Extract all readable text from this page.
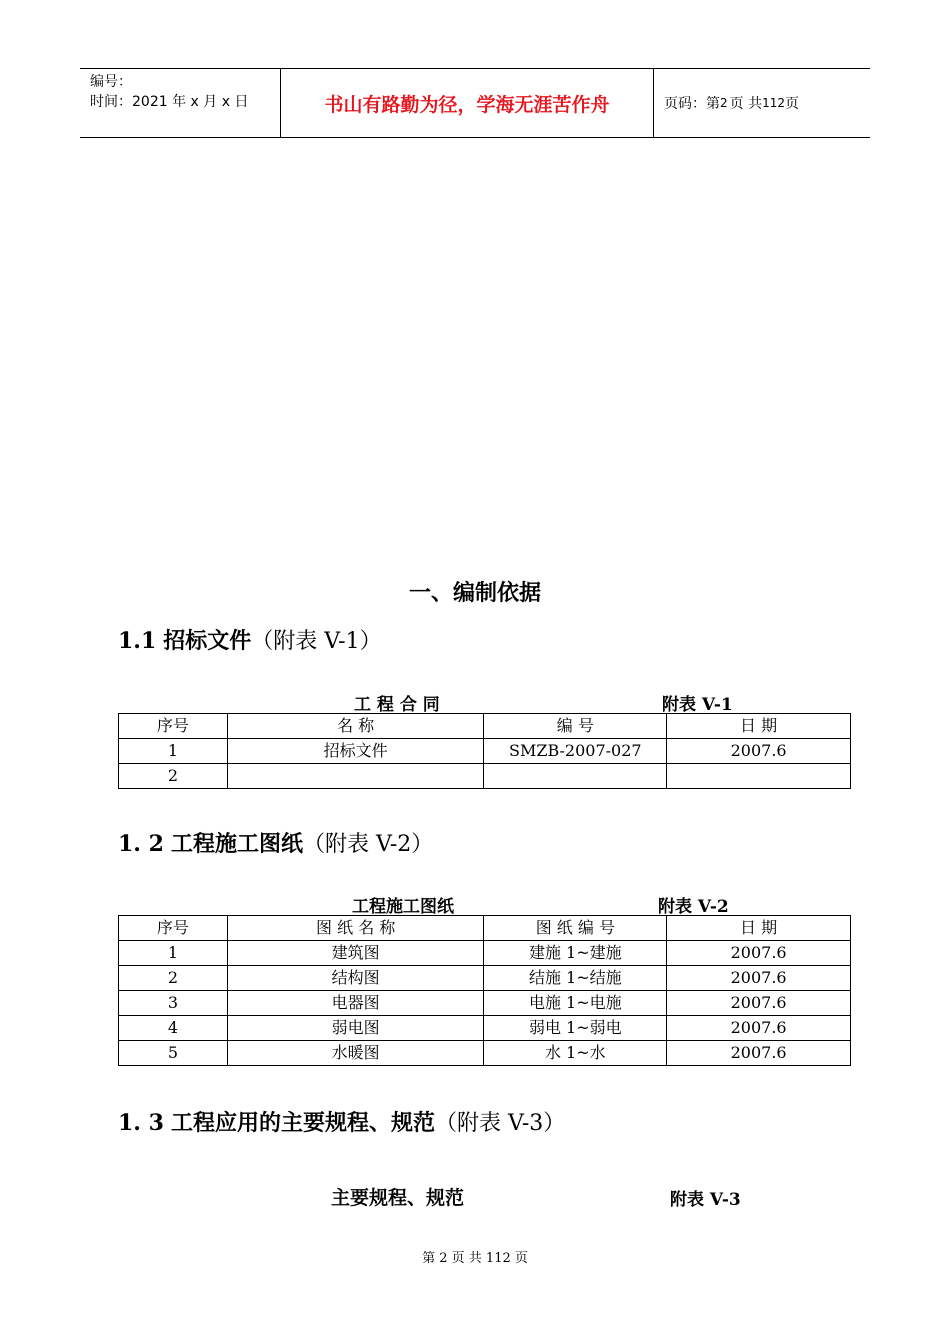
编号：
时间：2021 年 x 月 x 日	书山有路勤为径，学海无涯苦作舟	页码：第 2 页 共 112 页
一、编制依据
1.1 招标文件（附表 V-1）
工 程 合 同	附表 V-1
序号	名 称	编 号	日 期
1	招标文件	SMZB-2007-027	2007.6
2			
1. 2 工程施工图纸（附表 V-2）
工程施工图纸	附表 V-2
序号	图 纸 名 称	图 纸 编 号	日 期
1	建筑图	建施 1~建施	2007.6
2	结构图	结施 1~结施	2007.6
3	电器图	电施 1~电施	2007.6
4	弱电图	弱电 1~弱电	2007.6
5	水暖图	水 1~水	2007.6
1. 3 工程应用的主要规程、规范（附表 V-3）
主要规程、规范	附表 V-3
第 2 页 共 112 页
